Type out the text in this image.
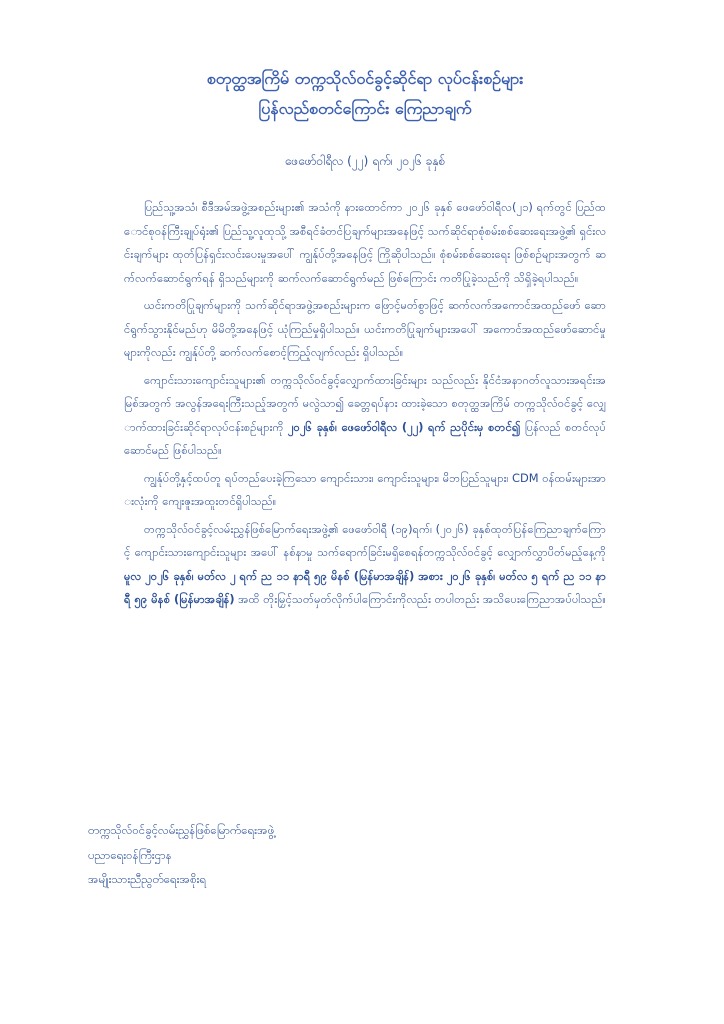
စတုတ္ထအကြိမ် တက္ကသိုလ်ဝင်ခွင့်ဆိုင်ရာ လုပ်ငန်းစဉ်များ
ပြန်လည်စတင်ကြောင်း ကြေညာချက်
ဖေဖော်ဝါရီလ (၂၂) ရက်၊ ၂၀၂၆ ခုနှစ်

ပြည်သူ့အသံ၊ စီဒီအမ်အဖွဲ့အစည်းများ၏ အသံကို နားထောင်ကာ ၂၀၂၆ ခုနှစ် ဖေဖော်ဝါရီလ(၂၁) ရက်တွင် ပြည်ထောင်စုဝန်ကြီးချုပ်ရုံး၏ ပြည်သူ့လူထုသို့ အစီရင်ခံတင်ပြချက်များအနေဖြင့် သက်ဆိုင်ရာစုံစမ်းစစ်ဆေးရေးအဖွဲ့၏ ရှင်းလင်းချက်များ ထုတ်ပြန်ရှင်းလင်းပေးမှုအပေါ် ကျွန်ုပ်တို့အနေဖြင့် ကြိုဆိုပါသည်။ စုံစမ်းစစ်ဆေးရေး ဖြစ်စဉ်များအတွက် ဆက်လက်ဆောင်ရွက်ရန် ရှိသည်များကို ဆက်လက်ဆောင်ရွက်မည် ဖြစ်ကြောင်း ကတိပြုခဲ့သည်ကို သိရှိခဲ့ရပါသည်။

ယင်းကတိပြုချက်များကို သက်ဆိုင်ရာအဖွဲ့အစည်းများက ဖြောင့်မတ်စွာဖြင့် ဆက်လက်အကောင်အထည်ဖော် ဆောင်ရွက်သွားနိုင်မည်ဟု မိမိတို့အနေဖြင့် ယုံကြည်မှုရှိပါသည်။ ယင်းကတိပြုချက်များအပေါ် အကောင်အထည်ဖော်ဆောင်မှုများကိုလည်း ကျွန်ုပ်တို့ ဆက်လက်စောင့်ကြည့်လျက်လည်း ရှိပါသည်။

ကျောင်းသားကျောင်းသူများ၏ တက္ကသိုလ်ဝင်ခွင့်လျှောက်ထားခြင်းများ သည်လည်း နိုင်ငံအနာဂတ်လူသားအရင်းအမြစ်အတွက် အလွန်အရေးကြီးသည့်အတွက် မလွဲသာ၍ ခေတ္တရပ်နား ထားခဲ့သော စတုတ္ထအကြိမ် တက္ကသိုလ်ဝင်ခွင့် လျှောက်ထားခြင်းဆိုင်ရာလုပ်ငန်းစဉ်များကို ၂၀၂၆ ခုနှစ်၊ ဖေဖော်ဝါရီလ (၂၂) ရက် ညပိုင်းမှ စတင်၍ ပြန်လည် စတင်လုပ်ဆောင်မည် ဖြစ်ပါသည်။

ကျွန်ုပ်တို့နှင့်ထပ်တူ ရပ်တည်ပေးခဲ့ကြသော ကျောင်းသား၊ ကျောင်းသူများ၊ မိဘပြည်သူများ၊ CDM ဝန်ထမ်းများအားလုံးကို ကျေးဇူးအထူးတင်ရှိပါသည်။

တက္ကသိုလ်ဝင်ခွင့်လမ်းညွှန်ဖြစ်မြောက်ရေးအဖွဲ့၏ ဖေဖော်ဝါရီ (၁၉)ရက်၊ (၂၀၂၆) ခုနှစ်ထုတ်ပြန်ကြေညာချက်ကြောင့် ကျောင်းသားကျောင်းသူများ အပေါ် နစ်နာမှု သက်ရောက်ခြင်းမရှိစေရန်တက္ကသိုလ်ဝင်ခွင့် လျှောက်လွှာပိတ်မည့်နေ့ကို မူလ ၂၀၂၆ ခုနှစ်၊ မတ်လ ၂ ရက် ည ၁၁ နာရီ ၅၉ မိနစ် (မြန်မာအချိန်) အစား ၂၀၂၆ ခုနှစ်၊ မတ်လ ၅ ရက် ည ၁၁ နာရီ ၅၉ မိနစ် (မြန်မာအချိန်) အထိ တိုးမြှင့်သတ်မှတ်လိုက်ပါကြောင်းကိုလည်း တပါတည်း အသိပေးကြေညာအပ်ပါသည်။

တက္ကသိုလ်ဝင်ခွင့်လမ်းညွှန်ဖြစ်မြောက်ရေးအဖွဲ့
ပညာရေးဝန်ကြီးဌာန
အမျိုးသားညီညွတ်ရေးအစိုးရ
